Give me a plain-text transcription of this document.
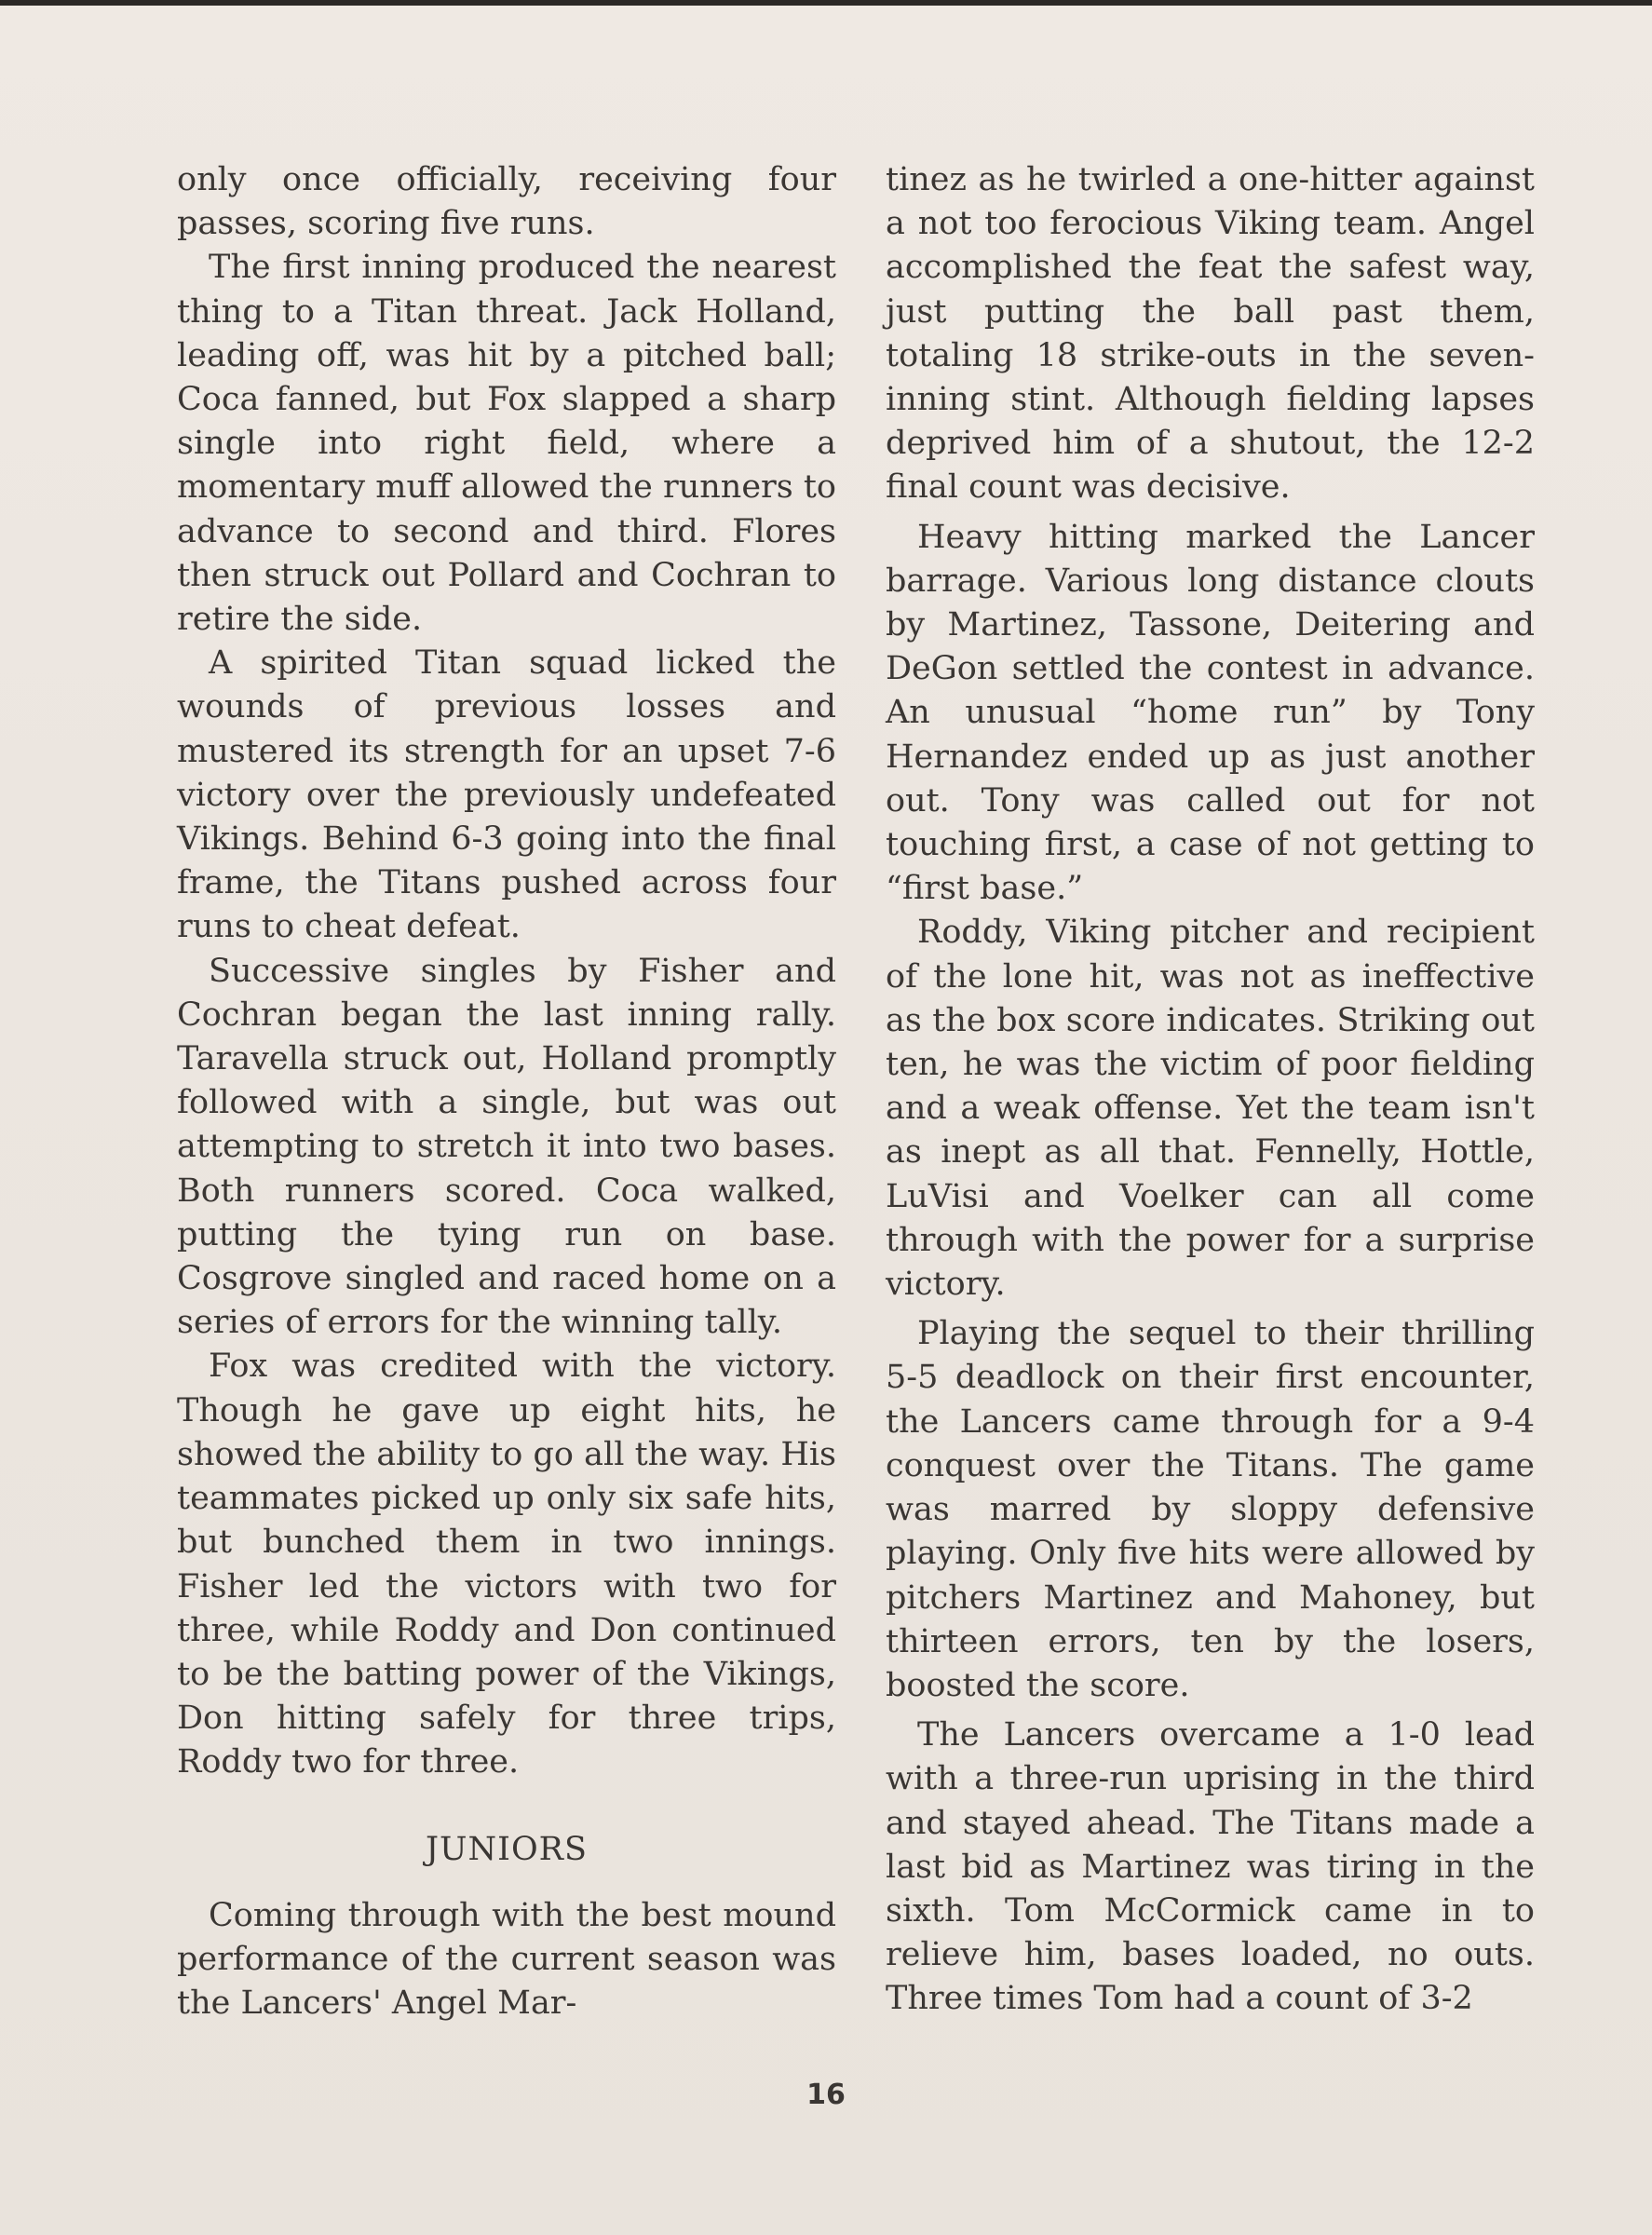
only once officially, receiving four passes, scoring five runs.

The first inning produced the nearest thing to a Titan threat. Jack Holland, leading off, was hit by a pitched ball; Coca fanned, but Fox slapped a sharp single into right field, where a momentary muff allowed the runners to advance to second and third. Flores then struck out Pollard and Cochran to retire the side.

A spirited Titan squad licked the wounds of previous losses and mustered its strength for an upset 7-6 victory over the previously undefeated Vikings. Behind 6-3 going into the final frame, the Titans pushed across four runs to cheat defeat.

Successive singles by Fisher and Cochran began the last inning rally. Taravella struck out, Holland promptly followed with a single, but was out attempting to stretch it into two bases. Both runners scored. Coca walked, putting the tying run on base. Cosgrove singled and raced home on a series of errors for the winning tally.

Fox was credited with the victory. Though he gave up eight hits, he showed the ability to go all the way. His teammates picked up only six safe hits, but bunched them in two innings. Fisher led the victors with two for three, while Roddy and Don continued to be the batting power of the Vikings, Don hitting safely for three trips, Roddy two for three.

JUNIORS

Coming through with the best mound performance of the current season was the Lancers' Angel Mar-

tinez as he twirled a one-hitter against a not too ferocious Viking team. Angel accomplished the feat the safest way, just putting the ball past them, totaling 18 strike-outs in the seven-inning stint. Although fielding lapses deprived him of a shutout, the 12-2 final count was decisive.

Heavy hitting marked the Lancer barrage. Various long distance clouts by Martinez, Tassone, Deitering and DeGon settled the contest in advance. An unusual “home run” by Tony Hernandez ended up as just another out. Tony was called out for not touching first, a case of not getting to “first base.”

Roddy, Viking pitcher and recipient of the lone hit, was not as ineffective as the box score indicates. Striking out ten, he was the victim of poor fielding and a weak offense. Yet the team isn't as inept as all that. Fennelly, Hottle, LuVisi and Voelker can all come through with the power for a surprise victory.

Playing the sequel to their thrilling 5-5 deadlock on their first encounter, the Lancers came through for a 9-4 conquest over the Titans. The game was marred by sloppy defensive playing. Only five hits were allowed by pitchers Martinez and Mahoney, but thirteen errors, ten by the losers, boosted the score.

The Lancers overcame a 1-0 lead with a three-run uprising in the third and stayed ahead. The Titans made a last bid as Martinez was tiring in the sixth. Tom McCormick came in to relieve him, bases loaded, no outs. Three times Tom had a count of 3-2

16
